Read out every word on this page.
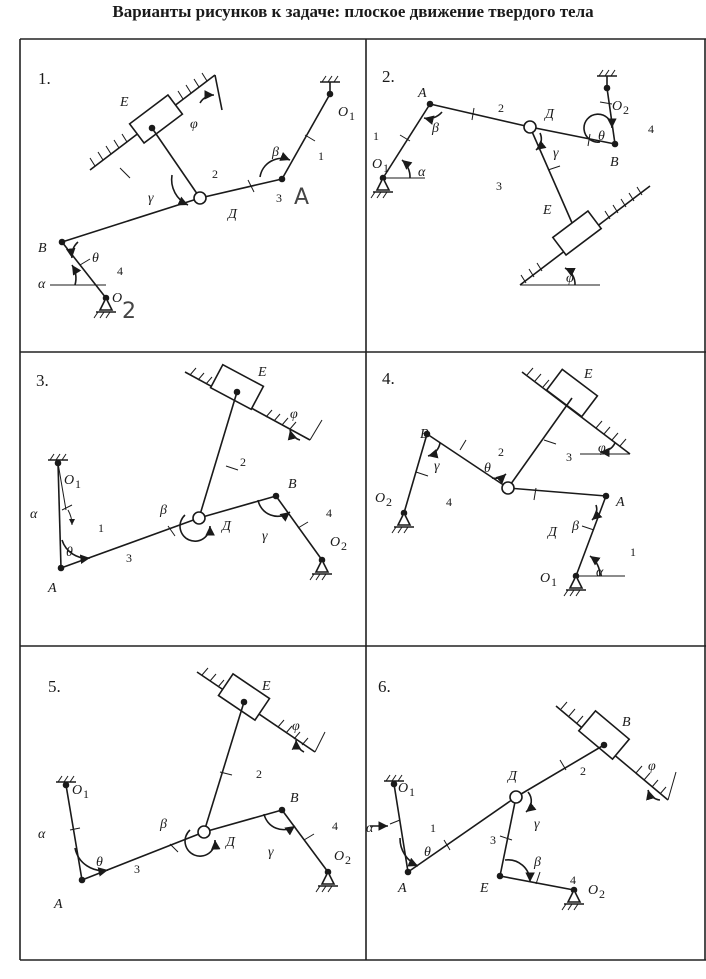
Варианты рисунков к задаче: плоское движение твердого тела
1.
E
φ
O 1
β
γ
Д
B
θ
α
O
1
2
3
4
A
2
2.
A
Д
O 2
θ
B
β
γ
O 1 α
E
φ
1
2
3
4
3.	E
φ
O 1
α
θ
A
β
Д
B
γ	O 2
1
2
3
4
4.	E
φ
B
γ	θ
O 2	A
Д β
O 1
α
1
2	3
4
5.	E
φ
O 1
α
θ
A
β
Д
B
γ	O 2
2
3
4
6.
B
φ
O 1
α
θ
A
Д
γ
β
E	O 2
1
2
3
4
